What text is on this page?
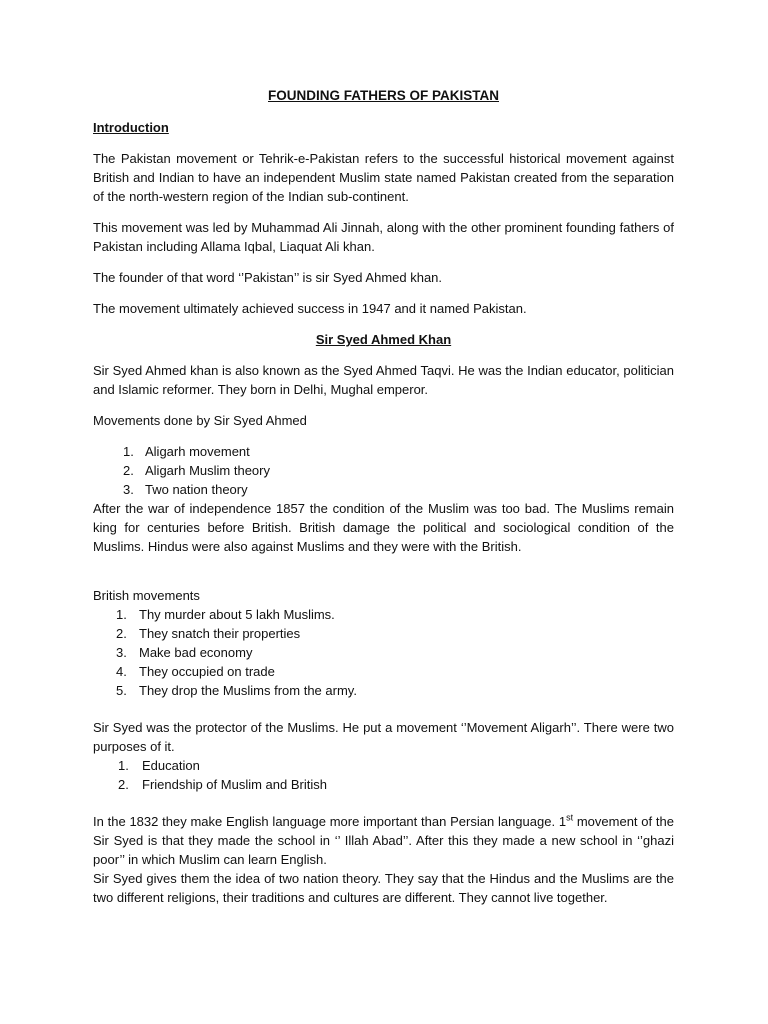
FOUNDING FATHERS OF PAKISTAN
Introduction

The Pakistan movement or Tehrik-e-Pakistan refers to the successful historical movement against British and Indian to have an independent Muslim state named Pakistan created from the separation of the north-western region of the Indian sub-continent.

This movement was led by Muhammad Ali Jinnah, along with the other prominent founding fathers of Pakistan including Allama Iqbal, Liaquat Ali khan.

The founder of that word ‘’Pakistan’’ is sir Syed Ahmed khan.

The movement ultimately achieved success in 1947 and it named Pakistan.

Sir Syed Ahmed Khan

Sir Syed Ahmed khan is also known as the Syed Ahmed Taqvi. He was the Indian educator, politician and Islamic reformer. They born in Delhi, Mughal emperor.

Movements done by Sir Syed Ahmed

1. Aligarh movement
2. Aligarh Muslim theory
3. Two nation theory

After the war of independence 1857 the condition of the Muslim was too bad. The Muslims remain king for centuries before British. British damage the political and sociological condition of the Muslims. Hindus were also against Muslims and they were with the British.

British movements
1. Thy murder about 5 lakh Muslims.
2. They snatch their properties
3. Make bad economy
4. They occupied on trade
5. They drop the Muslims from the army.

Sir Syed was the protector of the Muslims. He put a movement ‘’Movement Aligarh’’. There were two purposes of it.

1.	Education
2.	Friendship of Muslim and British

In the 1832 they make English language more important than Persian language. 1st movement of the Sir Syed is that they made the school in ‘’ Illah Abad’’. After this they made a new school in ‘’ghazi poor’’ in which Muslim can learn English.

Sir Syed gives them the idea of two nation theory. They say that the Hindus and the Muslims are the two different religions, their traditions and cultures are different. They cannot live together.
